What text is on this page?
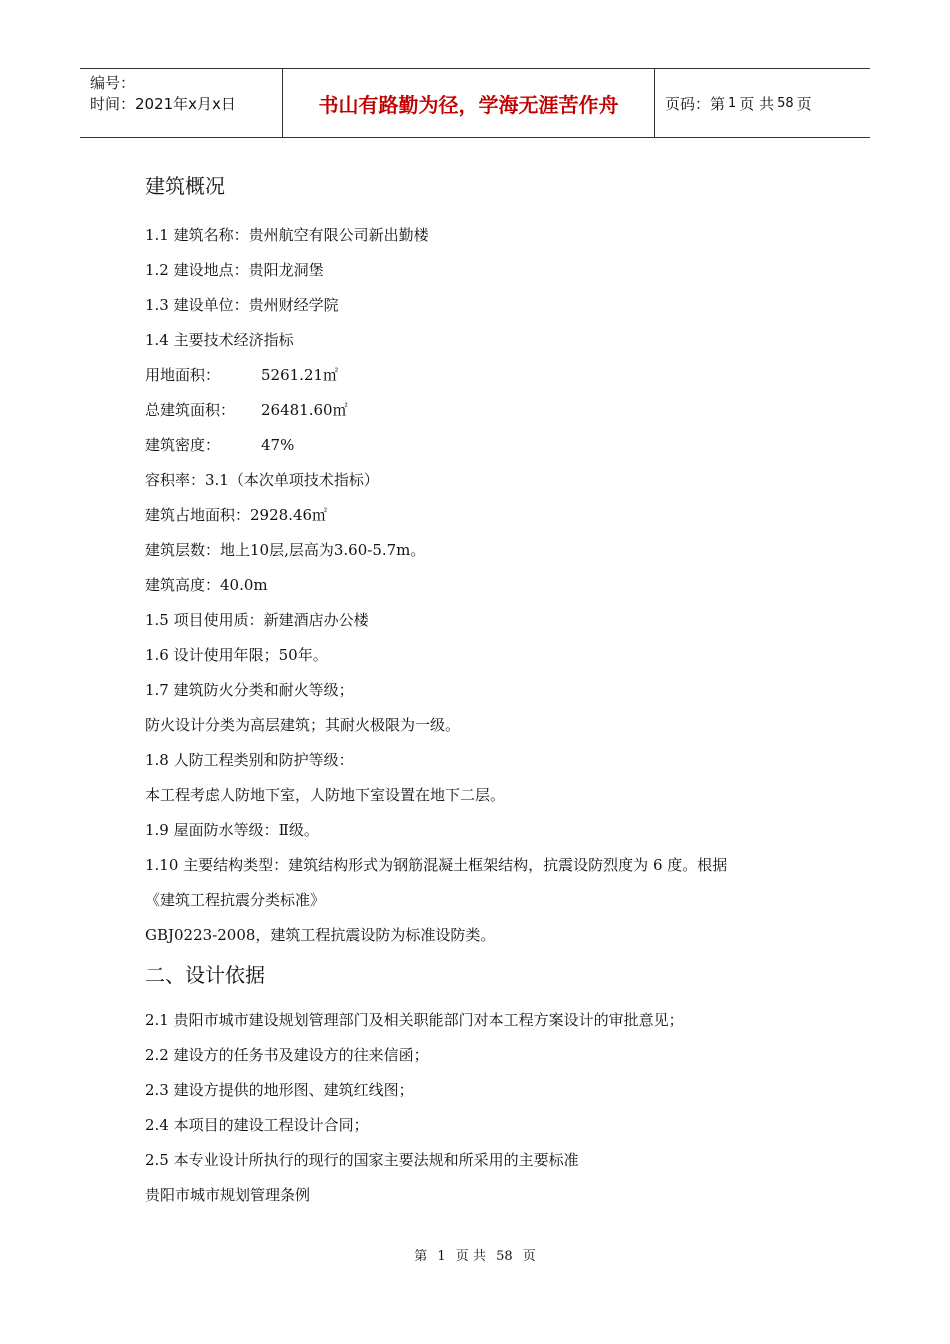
编号：
时间：2021年x月x日	书山有路勤为径，学海无涯苦作舟	页码：第 1 页 共 58 页

建筑概况

1.1 建筑名称：贵州航空有限公司新出勤楼

1.2 建设地点：贵阳龙洞堡

1.3 建设单位：贵州财经学院

1.4 主要技术经济指标

用地面积：	5261.21㎡

总建筑面积： 26481.60㎡

建筑密度：	47%

容积率：3.1（本次单项技术指标）

建筑占地面积：2928.46㎡

建筑层数：地上10层,层高为3.60-5.7m。

建筑高度：40.0m

1.5 项目使用质：新建酒店办公楼

1.6 设计使用年限；50年。

1.7 建筑防火分类和耐火等级；

防火设计分类为高层建筑；其耐火极限为一级。

1.8 人防工程类别和防护等级：

本工程考虑人防地下室，人防地下室设置在地下二层。

1.9 屋面防水等级：Ⅱ级。

1.10 主要结构类型：建筑结构形式为钢筋混凝土框架结构，抗震设防烈度为 6 度。根据

《建筑工程抗震分类标准》

GBJ0223-2008，建筑工程抗震设防为标准设防类。

二、设计依据

2.1 贵阳市城市建设规划管理部门及相关职能部门对本工程方案设计的审批意见；

2.2 建设方的任务书及建设方的往来信函；

2.3 建设方提供的地形图、建筑红线图；

2.4 本项目的建设工程设计合同；

2.5 本专业设计所执行的现行的国家主要法规和所采用的主要标准

贵阳市城市规划管理条例

第 1 页 共 58 页
